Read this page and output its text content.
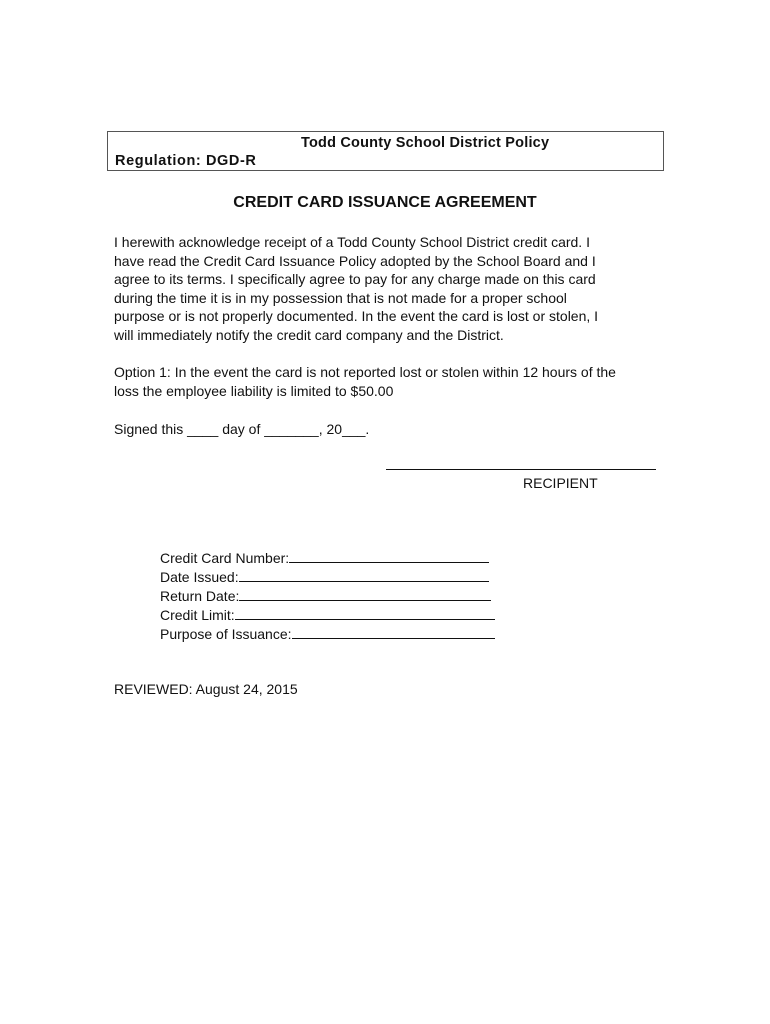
Todd County School District Policy
Regulation: DGD-R
CREDIT CARD ISSUANCE AGREEMENT
I herewith acknowledge receipt of a Todd County School District credit card. I
have read the Credit Card Issuance Policy adopted by the School Board and I
agree to its terms. I specifically agree to pay for any charge made on this card
during the time it is in my possession that is not made for a proper school
purpose or is not properly documented. In the event the card is lost or stolen, I
will immediately notify the credit card company and the District.
Option 1: In the event the card is not reported lost or stolen within 12 hours of the
loss the employee liability is limited to $50.00
Signed this ____ day of _______, 20___.
RECIPIENT
Credit Card Number:
Date Issued:
Return Date:
Credit Limit:
Purpose of Issuance:
REVIEWED: August 24, 2015
